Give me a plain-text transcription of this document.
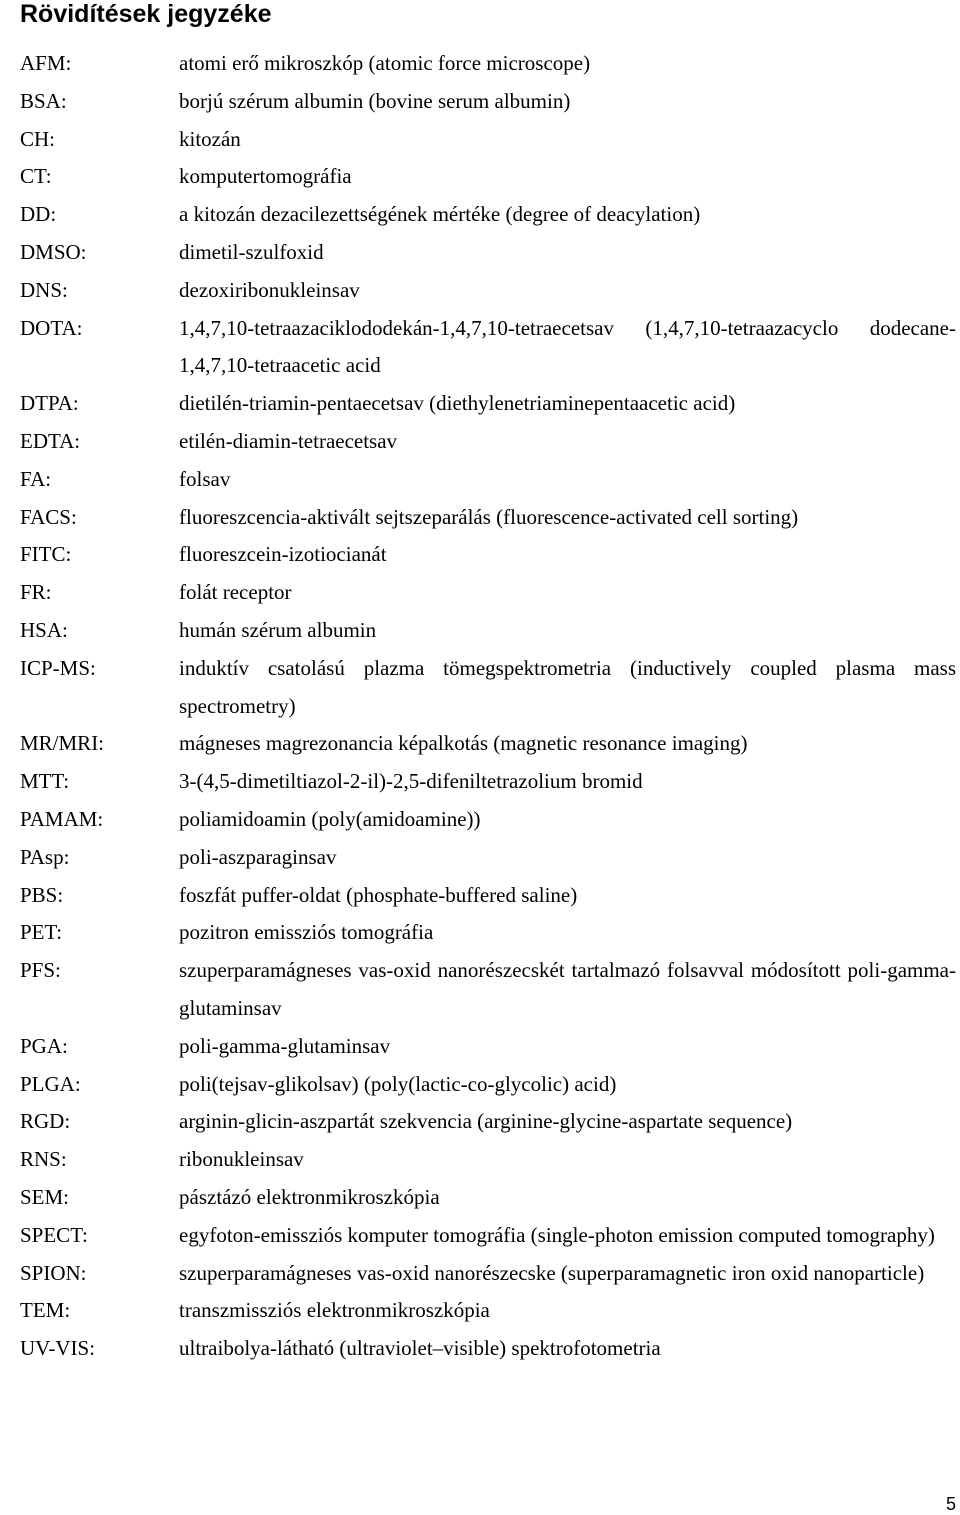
Rövidítések jegyzéke
AFM:	atomi erő mikroszkóp (atomic force microscope)
BSA:	borjú szérum albumin (bovine serum albumin)
CH:	kitozán
CT:	komputertomográfia
DD:	a kitozán dezacilezettségének mértéke (degree of deacylation)
DMSO:	dimetil-szulfoxid
DNS:	dezoxiribonukleinsav
DOTA:	1,4,7,10-tetraazaciklododekán-1,4,7,10-tetraecetsav (1,4,7,10-tetraazacyclo dodecane-1,4,7,10-tetraacetic acid
DTPA:	dietilén-triamin-pentaecetsav (diethylenetriaminepentaacetic acid)
EDTA:	etilén-diamin-tetraecetsav
FA:	folsav
FACS:	fluoreszcencia-aktivált sejtszeparálás (fluorescence-activated cell sorting)
FITC:	fluoreszcein-izotiocianát
FR:	folát receptor
HSA:	humán szérum albumin
ICP-MS:	induktív csatolású plazma tömegspektrometria (inductively coupled plasma mass spectrometry)
MR/MRI:	mágneses magrezonancia képalkotás (magnetic resonance imaging)
MTT:	3-(4,5-dimetiltiazol-2-il)-2,5-difeniltetrazolium bromid
PAMAM:	poliamidoamin (poly(amidoamine))
PAsp:	poli-aszparaginsav
PBS:	foszfát puffer-oldat (phosphate-buffered saline)
PET:	pozitron emissziós tomográfia
PFS:	szuperparamágneses vas-oxid nanorészecskét tartalmazó folsavval módosított poli-gamma-glutaminsav
PGA:	poli-gamma-glutaminsav
PLGA:	poli(tejsav-glikolsav) (poly(lactic-co-glycolic) acid)
RGD:	arginin-glicin-aszpartát szekvencia (arginine-glycine-aspartate sequence)
RNS:	ribonukleinsav
SEM:	pásztázó elektronmikroszkópia
SPECT:	egyfoton-emissziós komputer tomográfia (single-photon emission computed tomography)
SPION:	szuperparamágneses vas-oxid nanorészecske (superparamagnetic iron oxid nanoparticle)
TEM:	transzmissziós elektronmikroszkópia
UV-VIS:	ultraibolya-látható (ultraviolet–visible) spektrofotometria
5
